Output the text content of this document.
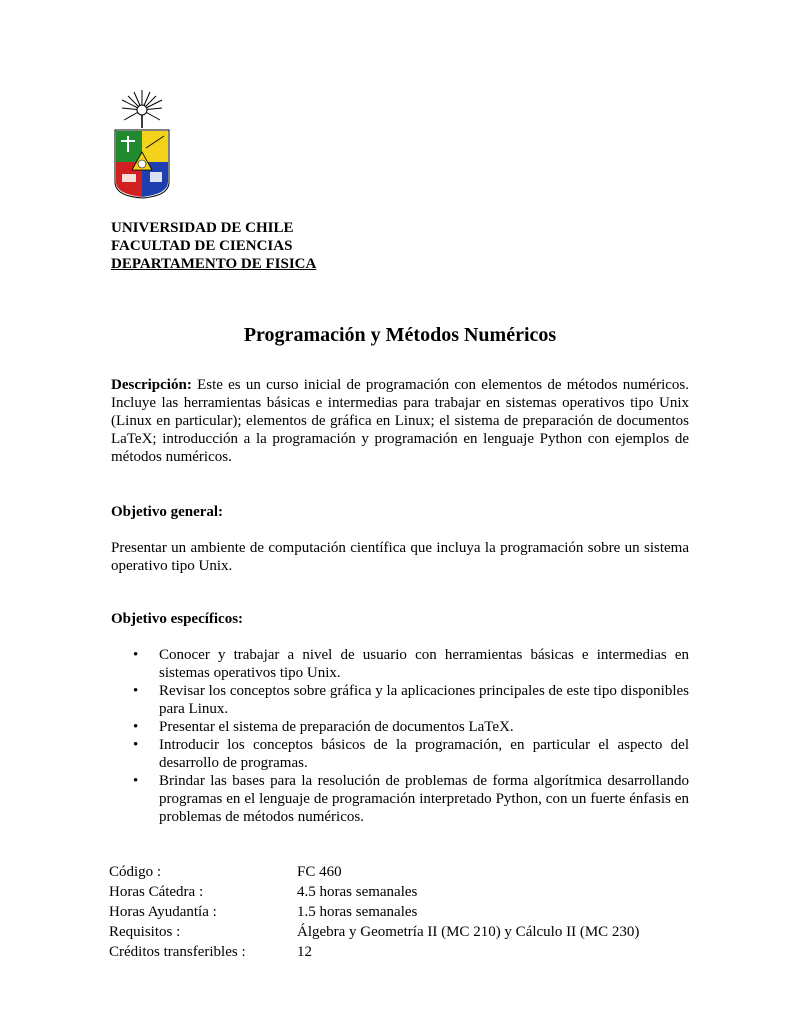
UNIVERSIDAD DE CHILE
FACULTAD DE CIENCIAS
DEPARTAMENTO DE FISICA
Programación y Métodos Numéricos
Descripción: Este es un curso inicial de programación con elementos de métodos numéricos. Incluye las herramientas básicas e intermedias para trabajar en sistemas operativos tipo Unix (Linux en particular); elementos de gráfica en Linux; el sistema de preparación de documentos LaTeX; introducción a la programación y programación en lenguaje Python con ejemplos de métodos numéricos.
Objetivo general:
Presentar un ambiente de computación científica que incluya la programación sobre un sistema operativo tipo Unix.
Objetivo específicos:
• Conocer y trabajar a nivel de usuario con herramientas básicas e intermedias en sistemas operativos tipo Unix.
• Revisar los conceptos sobre gráfica y la aplicaciones principales de este tipo disponibles para Linux.
• Presentar el sistema de preparación de documentos LaTeX.
• Introducir los conceptos básicos de la programación, en particular el aspecto del desarrollo de programas.
• Brindar las bases para la resolución de problemas de forma algorítmica desarrollando programas en el lenguaje de programación interpretado Python, con un fuerte énfasis en problemas de métodos numéricos.
Código :	FC 460
Horas Cátedra :	4.5 horas semanales
Horas Ayudantía :	1.5 horas semanales
Requisitos :	Álgebra y Geometría II (MC 210) y Cálculo II (MC 230)
Créditos transferibles :	12
